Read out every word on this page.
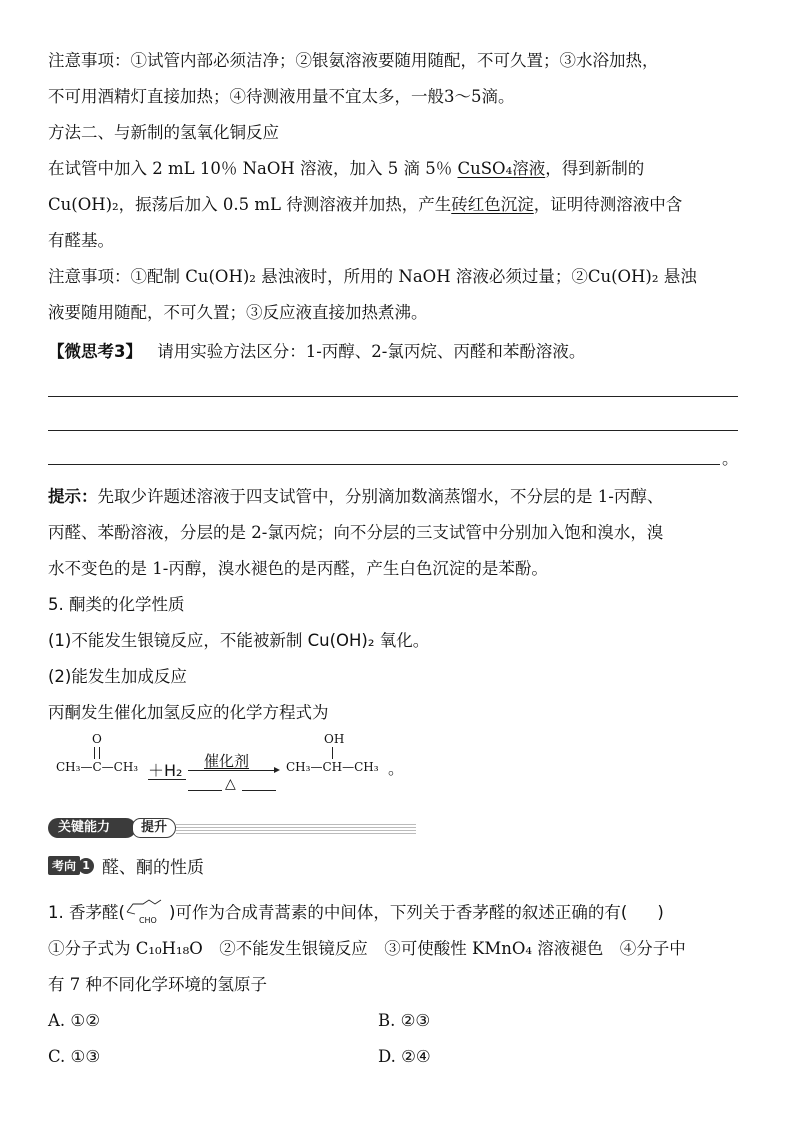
注意事项：①试管内部必须洁净；②银氨溶液要随用随配，不可久置；③水浴加热，
不可用酒精灯直接加热；④待测液用量不宜太多，一般3～5滴。
方法二、与新制的氢氧化铜反应
在试管中加入 2 mL 10％ NaOH 溶液，加入 5 滴 5％ CuSO₄溶液，得到新制的
Cu(OH)₂，振荡后加入 0.5 mL 待测溶液并加热，产生砖红色沉淀，证明待测溶液中含
有醛基。
注意事项：①配制 Cu(OH)₂ 悬浊液时，所用的 NaOH 溶液必须过量；②Cu(OH)₂ 悬浊
液要随用随配，不可久置；③反应液直接加热煮沸。
【微思考3】 请用实验方法区分：1-丙醇、2-氯丙烷、丙醛和苯酚溶液。
。
提示：先取少许题述溶液于四支试管中，分别滴加数滴蒸馏水，不分层的是 1-丙醇、
丙醛、苯酚溶液，分层的是 2-氯丙烷；向不分层的三支试管中分别加入饱和溴水，溴
水不变色的是 1-丙醇，溴水褪色的是丙醛，产生白色沉淀的是苯酚。
5. 酮类的化学性质
(1)不能发生银镜反应，不能被新制 Cu(OH)₂ 氧化。
(2)能发生加成反应
丙酮发生催化加氢反应的化学方程式为
O
CH₃—C—CH₃ ＋H₂ 催化剂
△
OH
CH₃—CH—CH₃ 。
关键能力	提升
考向 1 醛、酮的性质
1. 香茅醛( CHO )可作为合成青蒿素的中间体，下列关于香茅醛的叙述正确的有( )
①分子式为 C₁₀H₁₈O　②不能发生银镜反应　③可使酸性 KMnO₄ 溶液褪色　④分子中
有 7 种不同化学环境的氢原子
A. ①②	B. ②③
C. ①③	D. ②④
